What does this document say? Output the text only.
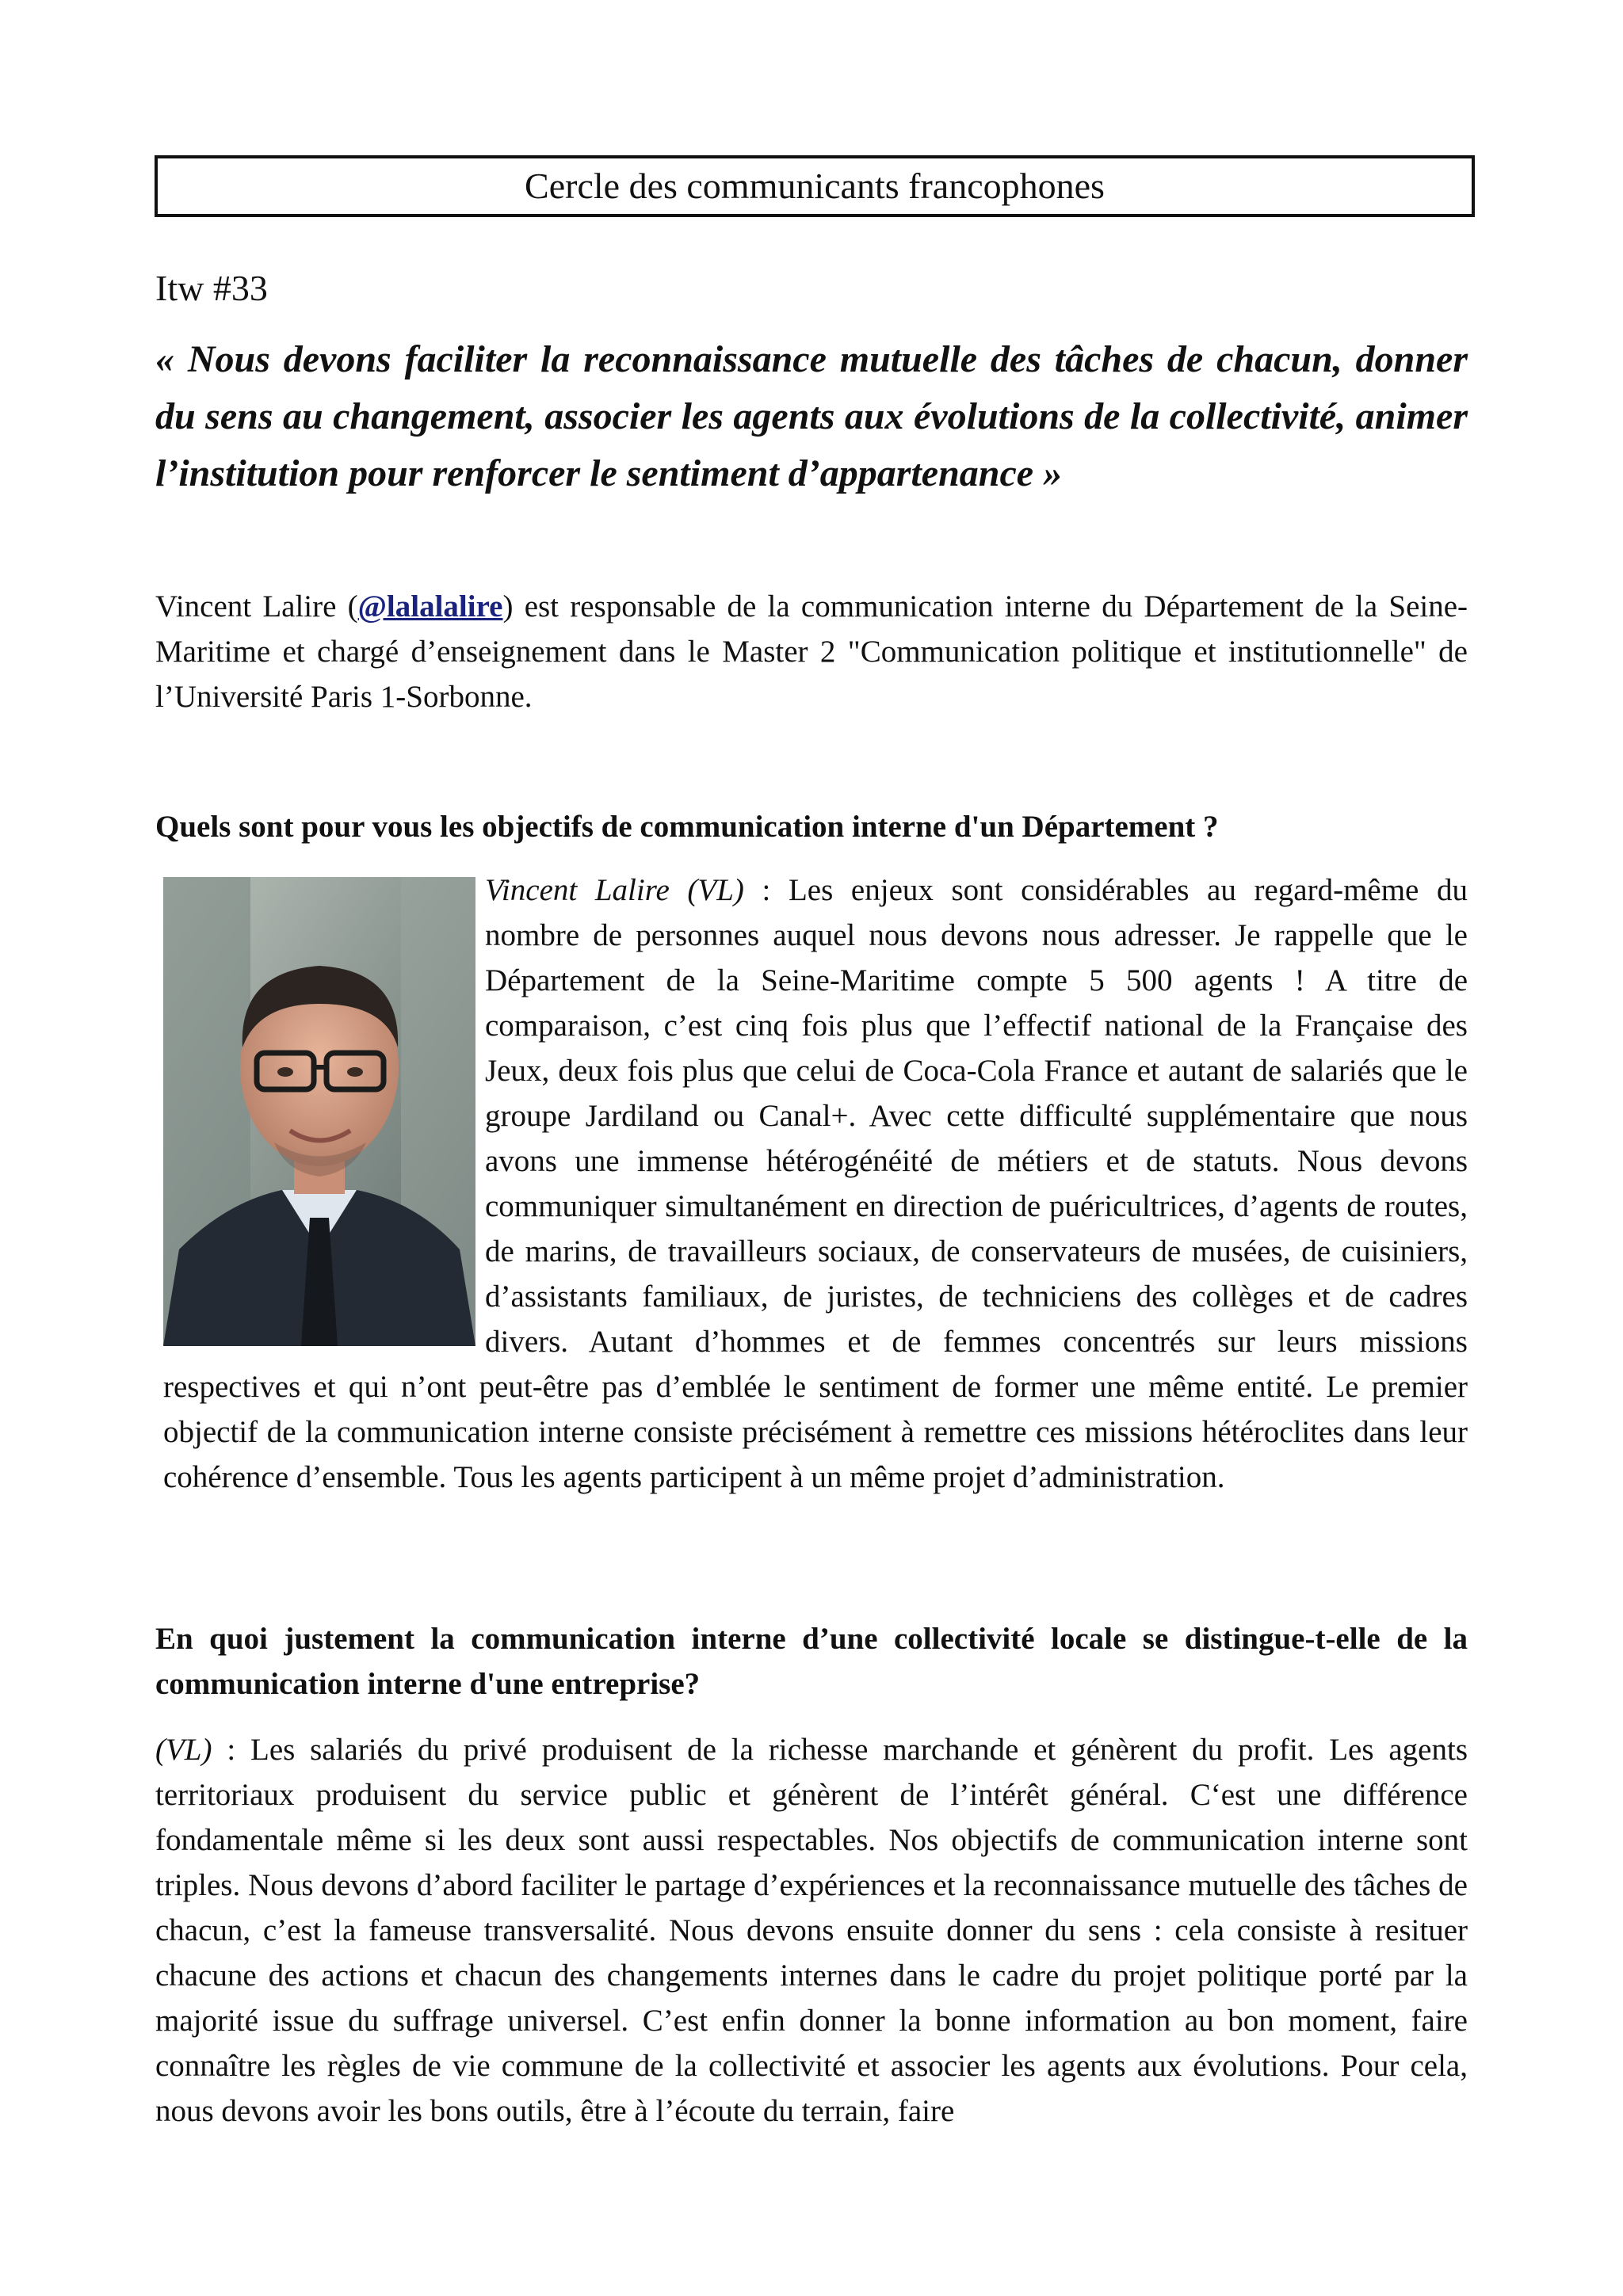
Cercle des communicants francophones
Itw #33

« Nous devons faciliter la reconnaissance mutuelle des tâches de chacun, donner du sens au changement, associer les agents aux évolutions de la collectivité, animer l’institution pour renforcer le sentiment d’appartenance »

Vincent Lalire (@lalalalire) est responsable de la communication interne du Département de la Seine-Maritime et chargé d’enseignement dans le Master 2 "Communication politique et institutionnelle" de l’Université Paris 1-Sorbonne.

Quels sont pour vous les objectifs de communication interne d'un Département ?

Vincent Lalire (VL) : Les enjeux sont considérables au regard-même du nombre de personnes auquel nous devons nous adresser. Je rappelle que le Département de la Seine-Maritime compte 5 500 agents ! A titre de comparaison, c’est cinq fois plus que l’effectif national de la Française des Jeux, deux fois plus que celui de Coca-Cola France et autant de salariés que le groupe Jardiland ou Canal+. Avec cette difficulté supplémentaire que nous avons une immense hétérogénéité de métiers et de statuts. Nous devons communiquer simultanément en direction de puéricultrices, d’agents de routes, de marins, de travailleurs sociaux, de conservateurs de musées, de cuisiniers, d’assistants familiaux, de juristes, de techniciens des collèges et de cadres divers. Autant d’hommes et de femmes concentrés sur leurs missions respectives et qui n’ont peut-être pas d’emblée le sentiment de former une même entité. Le premier objectif de la communication interne consiste précisément à remettre ces missions hétéroclites dans leur cohérence d’ensemble. Tous les agents participent à un même projet d’administration.

En quoi justement la communication interne d’une collectivité locale se distingue-t-elle de la communication interne d'une entreprise?

(VL) : Les salariés du privé produisent de la richesse marchande et génèrent du profit. Les agents territoriaux produisent du service public et génèrent de l’intérêt général. C‘est une différence fondamentale même si les deux sont aussi respectables. Nos objectifs de communication interne sont triples. Nous devons d’abord faciliter le partage d’expériences et la reconnaissance mutuelle des tâches de chacun, c’est la fameuse transversalité. Nous devons ensuite donner du sens : cela consiste à resituer chacune des actions et chacun des changements internes dans le cadre du projet politique porté par la majorité issue du suffrage universel. C’est enfin donner la bonne information au bon moment, faire connaître les règles de vie commune de la collectivité et associer les agents aux évolutions. Pour cela, nous devons avoir les bons outils, être à l’écoute du terrain, faire
